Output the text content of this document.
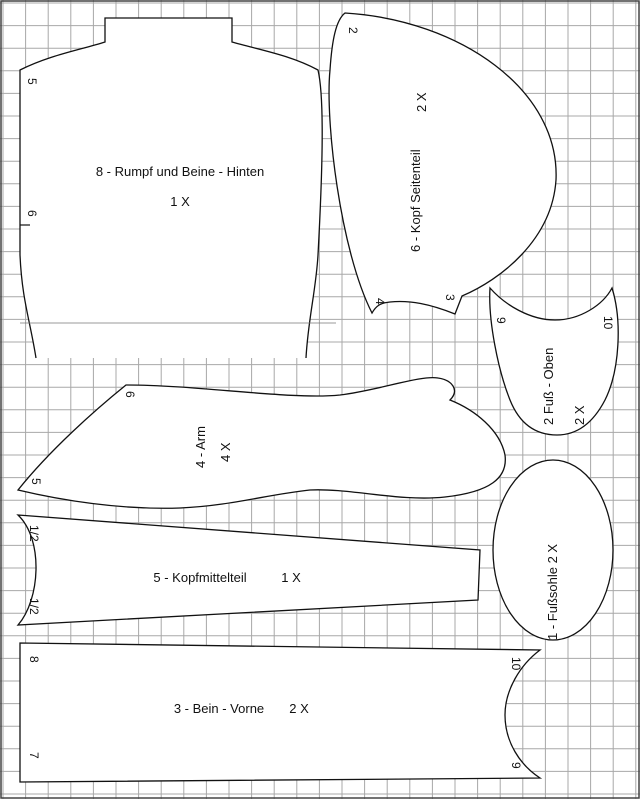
8 - Rumpf und Beine - Hinten
1 X
5
6
2
4
3
6 - Kopf Seitenteil
2 X
9	10
2 Fuß - Oben 2 X
6
5
4 - Arm 4 X
1 - Fußsohle 2 X
1/2
1/2
5 - Kopfmittelteil	1 X
8
7
10
9
3 - Bein - Vorne 2 X
